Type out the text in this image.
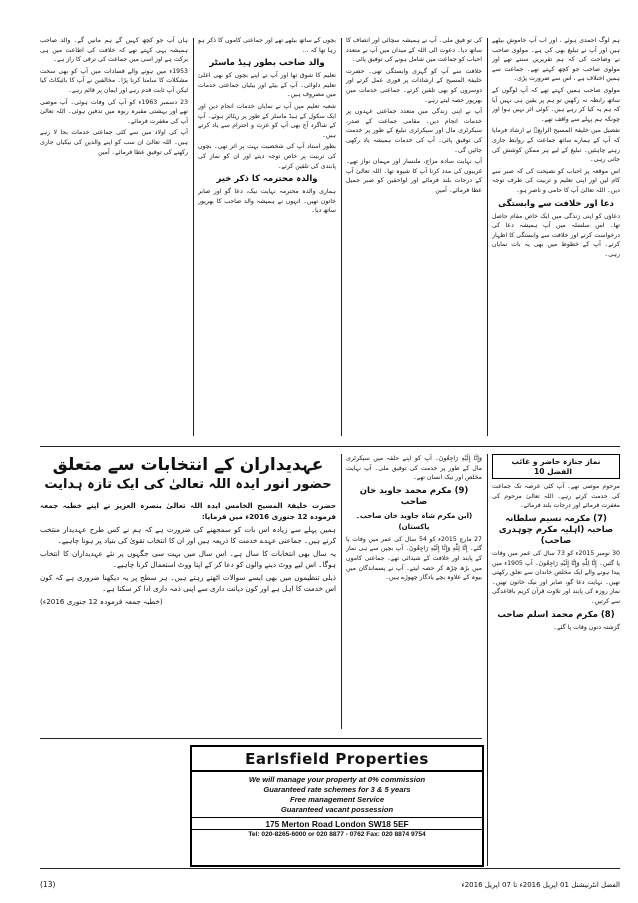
ہم لوگ احمدی ہوئے ، اور اب آپ خاموش بیٹھے ہیں اور آپ نے تبلیغ بھی کی ہے۔ مولوی صاحب نے وضاحت کی کہ ہم تقریریں سنتے تھے اور مولوی صاحب جو کچھ کہتے تھے۔ جماعت سے ہمیں اختلاف ہے ، اس سے ضرورت پڑی۔

مولوی صاحب ہمیں کہتے تھے کہ آپ لوگوں کے ساتھ رابطہ نہ رکھیں تو ہم پر یقین ہی نہیں آیا کہ ہم یہ کیا کر رہے ہیں۔ کوئی اثر نہیں ہوا اور چونکہ ہم پہلے سے واقف تھے۔

تفصیل میں خلیفۃ المسیح الرابعؒ نے ارشاد فرمایا کہ آپ کے ہمارے ساتھ جماعت کے روابط جاری رہنے چاہئیں۔ تبلیغ کے لیے ہر ممکن کوشش کی جاتی رہی۔

اس موقعہ پر احباب کو نصیحت کی کہ صبر سے کام لیں اور اپنی تعلیم و تربیت کی طرف توجہ دیں۔ اللہ تعالیٰ آپ کا حامی و ناصر ہو۔

دعا اور خلافت سے وابستگی

دعاؤں کو اپنی زندگی میں ایک خاص مقام حاصل تھا۔ اس سلسلہ میں آپ ہمیشہ دعا کی درخواست کرتے اور خلافت سے وابستگی کا اظہار کرتے۔ آپ کے خطوط میں بھی یہ بات نمایاں رہی۔

کی تو فیق ملی۔ آپ نے ہمیشہ سچائی اور انصاف کا ساتھ دیا۔ دعوت الی اللہ کے میدان میں آپ نے متعدد احباب کو جماعت میں شامل ہونے کی توفیق پائی۔

خلافت سے آپ کو گہری وابستگی تھی۔ حضرت خلیفۃ المسیح کے ارشادات پر فوری عمل کرتے اور دوسروں کو بھی تلقین کرتے۔ جماعتی خدمات میں بھرپور حصہ لیتے رہے۔

آپ نے اپنی زندگی میں متعدد جماعتی عہدوں پر خدمات انجام دیں۔ مقامی جماعت کے صدر، سیکرٹری مال اور سیکرٹری تبلیغ کے طور پر خدمت کی توفیق پائی۔ آپ کی خدمات ہمیشہ یاد رکھی جائیں گی۔

آپ نہایت سادہ مزاج، ملنسار اور مہمان نواز تھے۔ غریبوں کی مدد کرنا آپ کا شیوہ تھا۔ اللہ تعالیٰ آپ کے درجات بلند فرمائے اور لواحقین کو صبر جمیل عطا فرمائے۔ آمین

بچوں کے ساتھ بیٹھے تھے اور جماعتی کاموں کا ذکر ہو رہا تھا کہ ...

والد صاحب بطور ہیڈ ماسٹر

تعلیم کا شوق تھا اور آپ نے اپنے بچوں کو بھی اعلیٰ تعلیم دلوائی۔ آپ کے بیٹے اور بیٹیاں جماعتی خدمات میں مصروف ہیں۔

شعبہ تعلیم میں آپ نے نمایاں خدمات انجام دیں اور ایک سکول کے ہیڈ ماسٹر کے طور پر ریٹائر ہوئے۔ آپ کے شاگرد آج بھی آپ کو عزت و احترام سے یاد کرتے ہیں۔

بطور استاد آپ کی شخصیت بہت پر اثر تھی۔ بچوں کی تربیت پر خاص توجہ دیتے اور ان کو نماز کی پابندی کی تلقین کرتے۔

والدہ محترمہ کا ذکر خیر

ہماری والدہ محترمہ نہایت نیک، دعا گو اور صابر خاتون تھیں۔ انہوں نے ہمیشہ والد صاحب کا بھرپور ساتھ دیا۔

ہاں آپ جو کچھ کہیں گے ہم مانیں گے۔ والد صاحب ہمیشہ یہی کہتے تھے کہ خلافت کی اطاعت میں ہی برکت ہے اور اسی میں جماعت کی ترقی کا راز ہے۔

1953ء میں ہونے والے فسادات میں آپ کو بھی سخت مشکلات کا سامنا کرنا پڑا۔ مخالفین نے آپ کا بائیکاٹ کیا لیکن آپ ثابت قدم رہے اور ایمان پر قائم رہے۔

23 دسمبر 1963ء کو آپ کی وفات ہوئی۔ آپ موصی تھے اور بہشتی مقبرہ ربوہ میں تدفین ہوئی۔ اللہ تعالیٰ آپ کی مغفرت فرمائے۔

آپ کی اولاد میں سے کئی جماعتی خدمات بجا لا رہے ہیں۔ اللہ تعالیٰ ان سب کو اپنے والدین کی نیکیاں جاری رکھنے کی توفیق عطا فرمائے۔ آمین

نماز جنازہ حاضر و غائب الفضل 10

مرحوم موصی تھے۔ آپ کئی عرصہ تک جماعت کی خدمت کرتے رہے۔ اللہ تعالیٰ مرحوم کی مغفرت فرمائے اور درجات بلند فرمائے۔

(7) مکرمہ نسیم سلطانہ صاحبہ (اہلیہ مکرم چوہدری صاحب)

30 نومبر 2015ء کو 73 سال کی عمر میں وفات پا گئیں۔ إِنَّا لِلّٰهِ وَإِنَّا إِلَيْهِ رَاجِعُونَ۔ آپ 1905ء میں پیدا ہونے والے ایک مخلص خاندان سے تعلق رکھتی تھیں۔ نہایت دعا گو، صابر اور نیک خاتون تھیں۔ نماز روزہ کی پابند اور تلاوت قرآن کریم باقاعدگی سے کرتیں۔

(8) مکرم محمد اسلم صاحب

گزشتہ دنوں وفات پا گئے۔

وَإِنَّا إِلَيْهِ رَاجِعُونَ۔ آپ کو اپنے حلقہ میں سیکرٹری مال کے طور پر خدمت کی توفیق ملی۔ آپ نہایت مخلص اور نیک انسان تھے۔

(9) مکرم محمد جاوید خان صاحب
(ابن مکرم شاہ جاوید خان صاحب۔ پاکستان)

27 مارچ 2015ء کو 54 سال کی عمر میں وفات پا گئے۔ إِنَّا لِلّٰهِ وَإِنَّا إِلَيْهِ رَاجِعُونَ۔ آپ بچپن سے ہی نماز کے پابند اور خلافت کے شیدائی تھے۔ جماعتی کاموں میں بڑھ چڑھ کر حصہ لیتے۔ آپ نے پسماندگان میں بیوہ کے علاوہ بچے یادگار چھوڑے ہیں۔

عہدیداران کے انتخابات سے متعلق
حضور انور ایدہ اللہ تعالیٰ کی ایک تازہ ہدایت

حضرت خلیفۃ المسیح الخامس ایدہ اللہ تعالیٰ بنصرہ العزیز نے اپنے خطبہ جمعہ فرمودہ 12 جنوری 2016ء میں فرمایا:

ہمیں پہلے سے زیادہ اس بات کو سمجھنے کی ضرورت ہے کہ ہم نے کس طرح عہدیدار منتخب کرنے ہیں۔ جماعتی عہدے خدمت کا ذریعہ ہیں اور ان کا انتخاب تقویٰ کی بنیاد پر ہونا چاہیے۔

یہ سال بھی انتخابات کا سال ہے۔ اس سال میں بہت سی جگہوں پر نئے عہدیداران کا انتخاب ہوگا۔ اس لیے ووٹ دینے والوں کو دعا کر کے اپنا ووٹ استعمال کرنا چاہیے۔

ذیلی تنظیموں میں بھی ایسے سوالات اٹھتے رہتے ہیں۔ ہر سطح پر یہ دیکھنا ضروری ہے کہ کون اس خدمت کا اہل ہے اور کون دیانت داری سے اپنی ذمہ داری ادا کر سکتا ہے۔

(خطبہ جمعہ فرمودہ 12 جنوری 2016ء)

Earlsfield Properties
We will manage your property at 0% commission
Guaranteed rate schemes for 3 & 5 years
Free management Service
Guaranteed vacant possession
175 Merton Road London SW18 5EF
Tel: 020-8265-6000 or 020 8877 - 0762 Fax: 020 8874 9754
(13)	الفضل انٹرنیشنل 01 اپریل 2016ء تا 07 اپریل 2016ء
